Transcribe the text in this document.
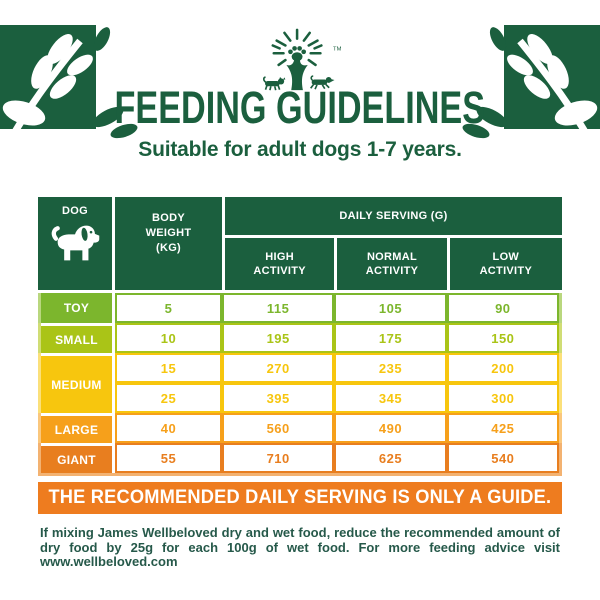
TM
FEEDING GUIDELINES
Suitable for adult dogs 1-7 years.
DOG
BODY WEIGHT (KG)
DAILY SERVING (G)
HIGH ACTIVITY
NORMAL ACTIVITY
LOW ACTIVITY
TOY	5	115	105	90
SMALL	10	195	175	150
MEDIUM
15	270	235	200
25	395	345	300
LARGE	40	560	490	425
GIANT	55	710	625	540
THE RECOMMENDED DAILY SERVING IS ONLY A GUIDE.

If mixing James Wellbeloved dry and wet food, reduce the recommended amount of dry food by 25g for each 100g of wet food. For more feeding advice visit www.wellbeloved.com
